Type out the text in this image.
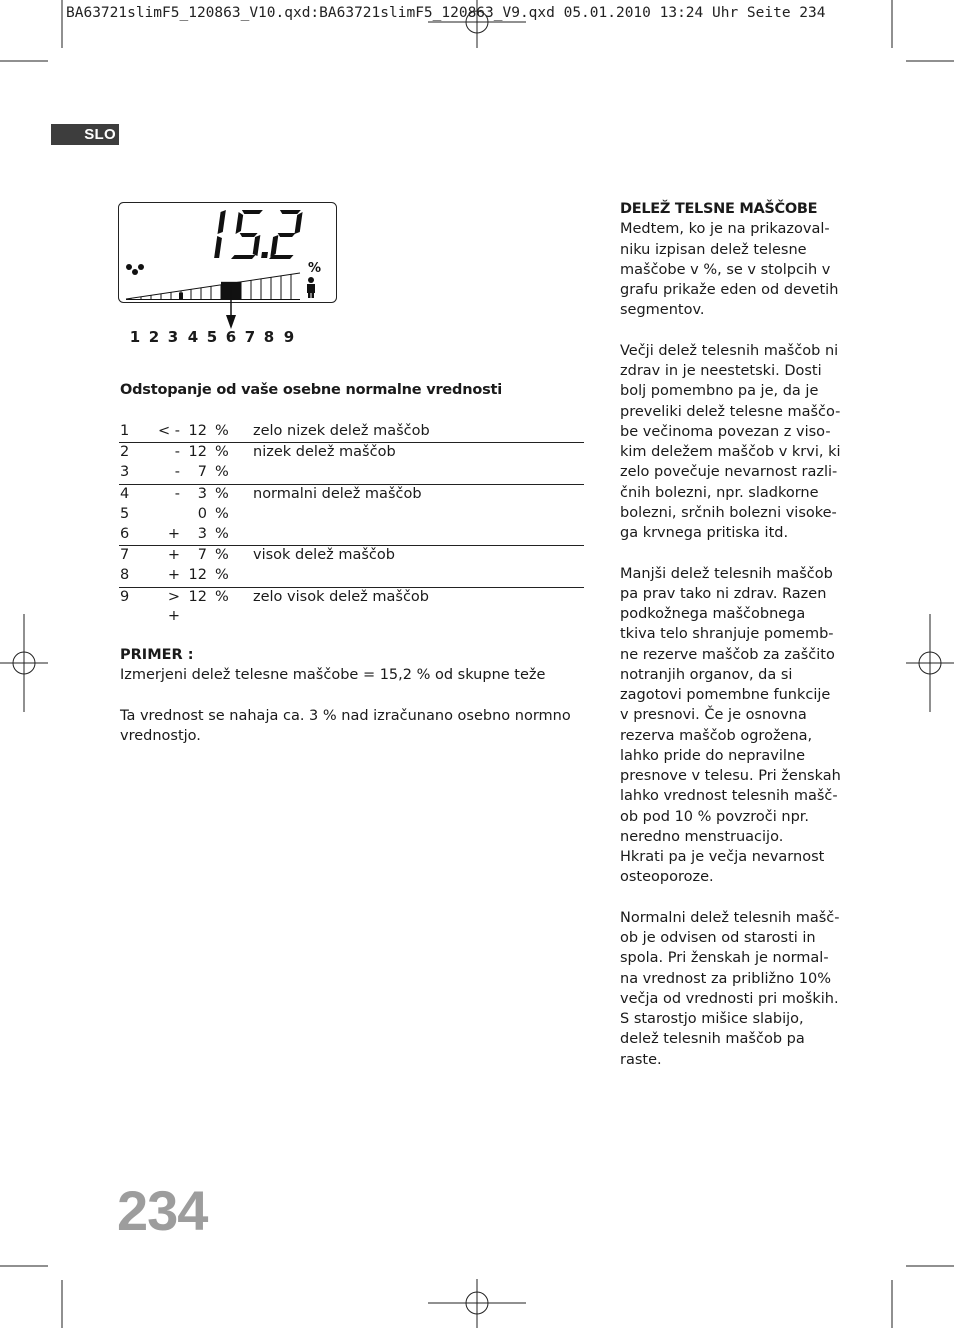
BA63721slimF5_120863_V10.qxd:BA63721slimF5_120863_V9.qxd 05.01.2010 13:24 Uhr Seite 234
SLO
%
1 2 3 4 5 6 7 8 9
Odstopanje od vaše osebne normalne vrednosti
1	< -	12	%	zelo nizek delež maščob
2	-	12	%	nizek delež maščob
3	-	7	%	
4	-	3	%	normalni delež maščob
5		0	%	
6	+	3	%	
7	+	7	%	visok delež maščob
8	+	12	%	
9	> +	12	%	zelo visok delež maščob
PRIMER :

Izmerjeni delež telesne maščobe = 15,2 % od skupne teže

Ta vrednost se nahaja ca. 3 % nad izračunano osebno normno

vrednostjo.

DELEŽ TELSNE MAŠČOBE

Medtem, ko je na prikazoval-

niku izpisan delež telesne

maščobe v %, se v stolpcih v

grafu prikaže eden od devetih

segmentov.

Večji delež telesnih maščob ni

zdrav in je neestetski. Dosti

bolj pomembno pa je, da je

preveliki delež telesne maščo-

be večinoma povezan z viso-

kim deležem maščob v krvi, ki

zelo povečuje nevarnost razli-

čnih bolezni, npr. sladkorne

bolezni, srčnih bolezni visoke-

ga krvnega pritiska itd.

Manjši delež telesnih maščob

pa prav tako ni zdrav. Razen

podkožnega maščobnega

tkiva telo shranjuje pomemb-

ne rezerve maščob za zaščito

notranjih organov, da si

zagotovi pomembne funkcije

v presnovi. Če je osnovna

rezerva maščob ogrožena,

lahko pride do nepravilne

presnove v telesu. Pri ženskah

lahko vrednost telesnih mašč-

ob pod 10 % povzroči npr.

neredno menstruacijo.

Hkrati pa je večja nevarnost

osteoporoze.

Normalni delež telesnih mašč-

ob je odvisen od starosti in

spola. Pri ženskah je normal-

na vrednost za približno 10%

večja od vrednosti pri moških.

S starostjo mišice slabijo,

delež telesnih maščob pa

raste.

234
